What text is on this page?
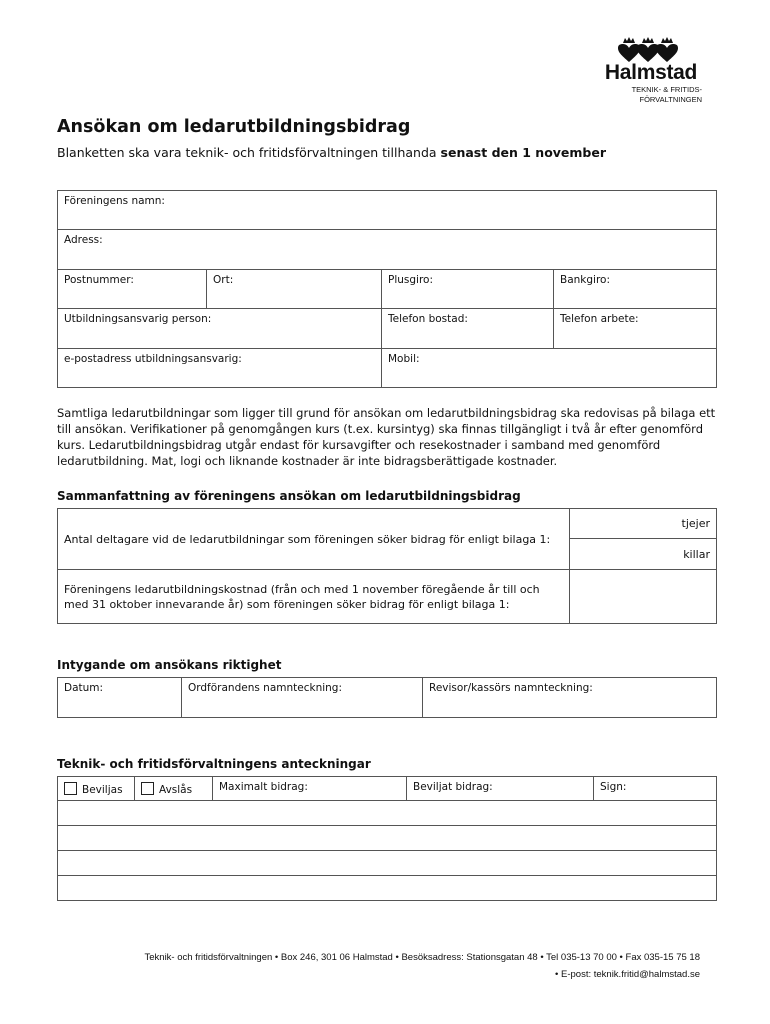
Halmstad
TEKNIK- & FRITIDS-
FÖRVALTNINGEN
Ansökan om ledarutbildningsbidrag

Blanketten ska vara teknik- och fritidsförvaltningen tillhanda senast den 1 november

Föreningens namn:			
Adress:			
Postnummer:	Ort:	Plusgiro:	Bankgiro:
Utbildningsansvarig person:		Telefon bostad:	Telefon arbete:
e-postadress utbildningsansvarig:		Mobil:	

Samtliga ledarutbildningar som ligger till grund för ansökan om ledarutbildningsbidrag ska redovisas på bilaga ett till ansökan. Verifikationer på genomgången kurs (t.ex. kursintyg) ska finnas tillgängligt i två år efter genomförd kurs. Ledarutbildningsbidrag utgår endast för kursavgifter och resekostnader i samband med genomförd ledarutbildning. Mat, logi och liknande kostnader är inte bidragsberättigade kostnader.

Sammanfattning av föreningens ansökan om ledarutbildningsbidrag
Antal deltagare vid de ledarutbildningar som föreningen söker bidrag för enligt bilaga 1:	tjejer
	killar
Föreningens ledarutbildningskostnad (från och med 1 november föregående år till och med 31 oktober innevarande år) som föreningen söker bidrag för enligt bilaga 1:	
Intygande om ansökans riktighet
Datum:	Ordförandens namnteckning:	Revisor/kassörs namnteckning:
Teknik- och fritidsförvaltningens anteckningar
Beviljas	Avslås	Maximalt bidrag:	Beviljat bidrag:	Sign:

Teknik- och fritidsförvaltningen • Box 246, 301 06 Halmstad • Besöksadress: Stationsgatan 48 • Tel 035-13 70 00 • Fax 035-15 75 18
• E-post: teknik.fritid@halmstad.se
